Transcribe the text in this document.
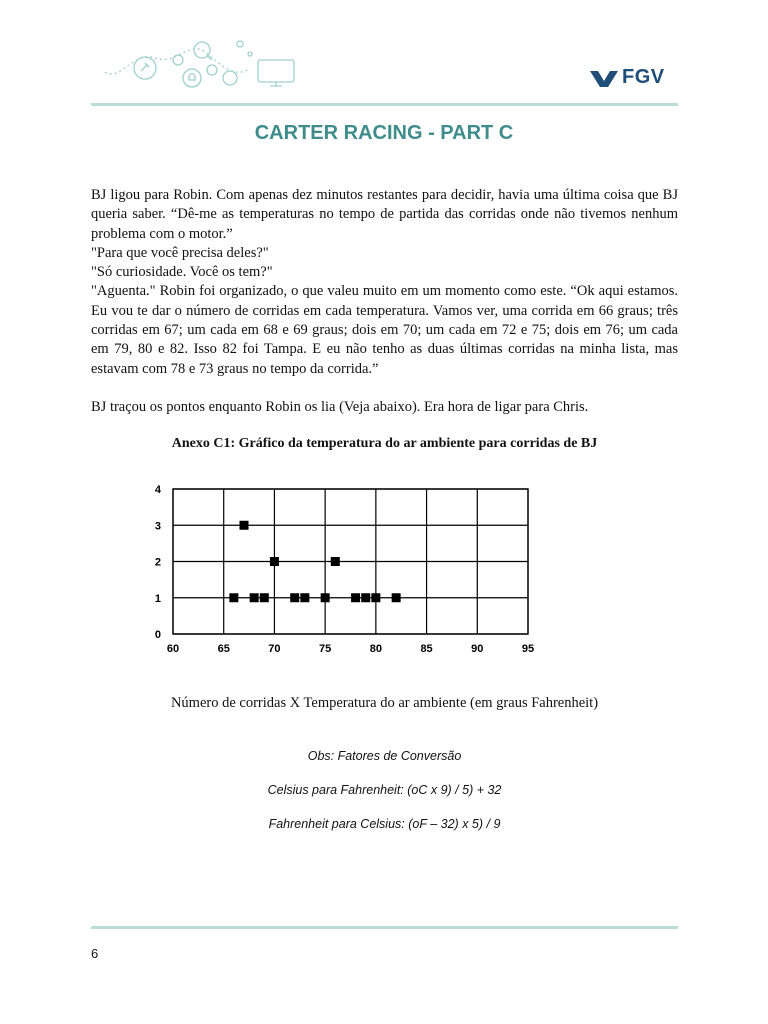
FGV
CARTER RACING - PART C

BJ ligou para Robin. Com apenas dez minutos restantes para decidir, havia uma última coisa que BJ queria saber. “Dê-me as temperaturas no tempo de partida das corridas onde não tivemos nenhum problema com o motor.”

"Para que você precisa deles?"

"Só curiosidade. Você os tem?"

"Aguenta." Robin foi organizado, o que valeu muito em um momento como este. “Ok aqui estamos. Eu vou te dar o número de corridas em cada temperatura. Vamos ver, uma corrida em 66 graus; três corridas em 67; um cada em 68 e 69 graus; dois em 70; um cada em 72 e 75; dois em 76; um cada em 79, 80 e 82. Isso 82 foi Tampa. E eu não tenho as duas últimas corridas na minha lista, mas estavam com 78 e 73 graus no tempo da corrida.”

BJ traçou os pontos enquanto Robin os lia (Veja abaixo). Era hora de ligar para Chris.

Anexo C1: Gráfico da temperatura do ar ambiente para corridas de BJ
60	65	70	75	80	85	90	95
0
1
2
3
4
Número de corridas X Temperatura do ar ambiente (em graus Fahrenheit)
Obs: Fatores de Conversão
Celsius para Fahrenheit: (oC x 9) / 5) + 32
Fahrenheit para Celsius: (oF – 32) x 5) / 9
6
